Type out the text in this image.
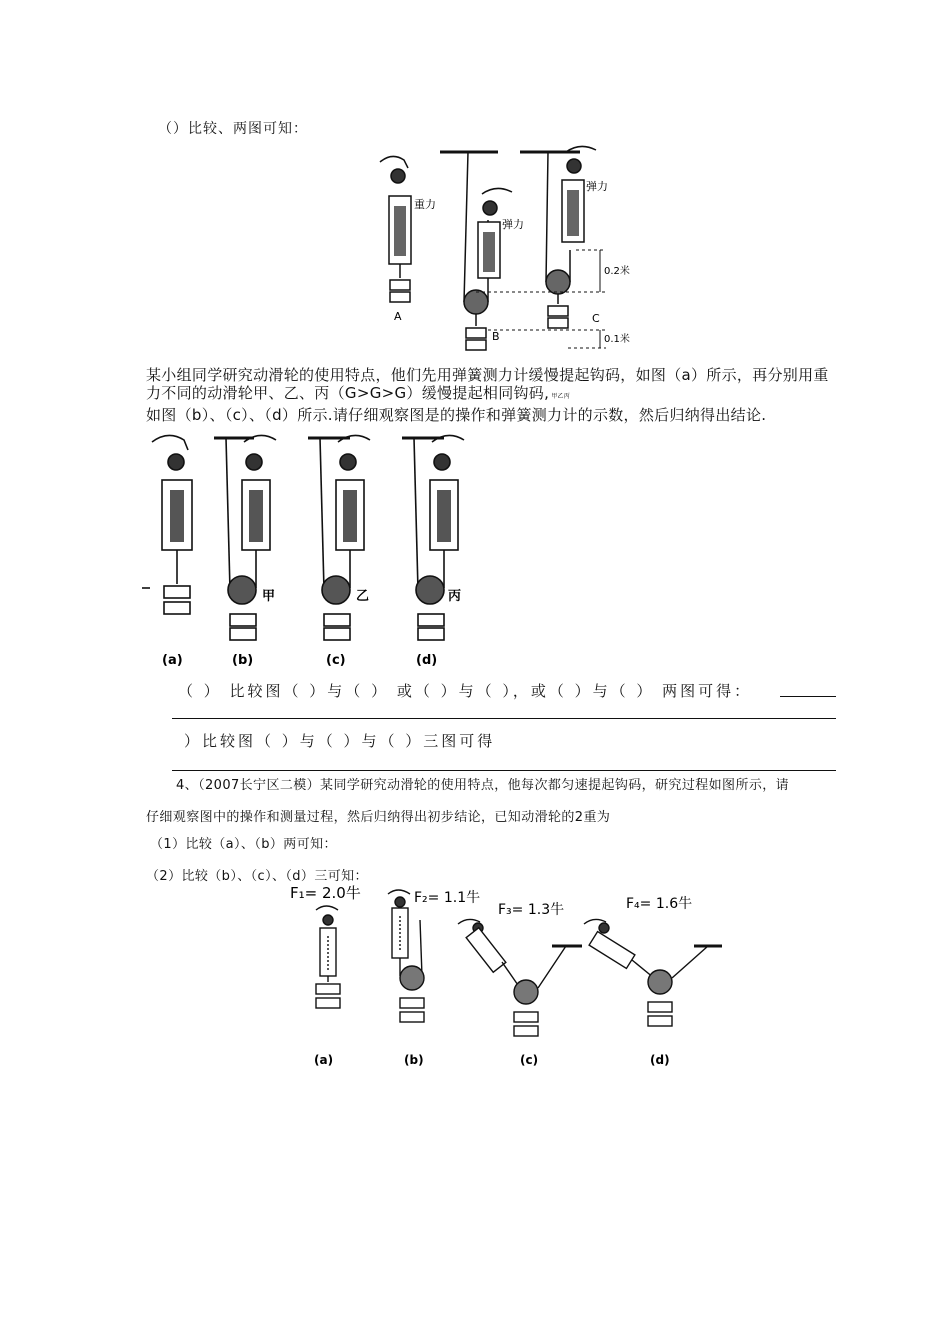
（）比较、两图可知：
A
B
C
重力
弹力
弹力
0.2米
0.1米
某小组同学研究动滑轮的使用特点，他们先用弹簧测力计缓慢提起钩码，如图（a）所示，再分别用重
力不同的动滑轮甲、乙、丙（G>G>G）缓慢提起相同钩码, 甲乙丙
如图（b）、（c）、（d）所示.请仔细观察图是的操作和弹簧测力计的示数，然后归纳得出结论.
甲	乙	丙
(a)	(b)	(c)	(d)
（ ） 比较图（ ）与（ ） 或（ ）与（ ），或（ ）与（ ） 两图可得：
）比较图（ ）与（ ）与（ ）三图可得
4、（2007长宁区二模）某同学研究动滑轮的使用特点，他每次都匀速提起钩码，研究过程如图所示，请
仔细观察图中的操作和测量过程，然后归纳得出初步结论，已知动滑轮的2重为
（1）比较（a）、（b）两可知：
（2）比较（b）、（c）、（d）三可知：
F₁= 2.0牛	F₂= 1.1牛
F₃= 1.3牛	F₄= 1.6牛
(a)	(b)	(c)	(d)
